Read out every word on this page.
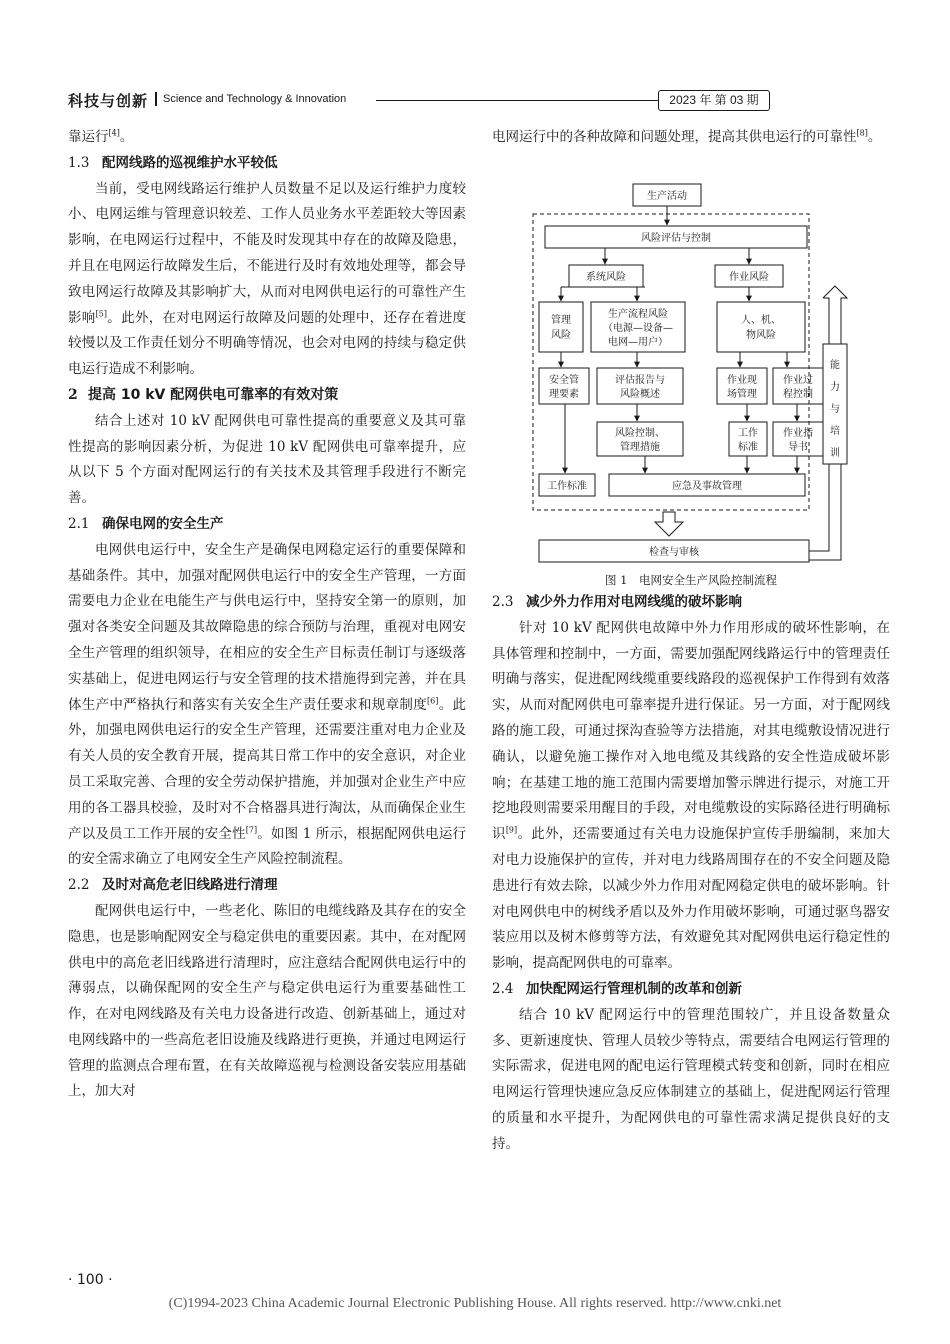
科技与创新 Science and Technology & Innovation	2023 年 第 03 期

靠运行[4]。

1.3 配网线路的巡视维护水平较低

当前，受电网线路运行维护人员数量不足以及运行维护力度较小、电网运维与管理意识较差、工作人员业务水平差距较大等因素影响，在电网运行过程中，不能及时发现其中存在的故障及隐患，并且在电网运行故障发生后，不能进行及时有效地处理等，都会导致电网运行故障及其影响扩大，从而对电网供电运行的可靠性产生影响[5]。此外，在对电网运行故障及问题的处理中，还存在着进度较慢以及工作责任划分不明确等情况，也会对电网的持续与稳定供电运行造成不利影响。

2 提高 10 kV 配网供电可靠率的有效对策

结合上述对 10 kV 配网供电可靠性提高的重要意义及其可靠性提高的影响因素分析，为促进 10 kV 配网供电可靠率提升，应从以下 5 个方面对配网运行的有关技术及其管理手段进行不断完善。

2.1 确保电网的安全生产

电网供电运行中，安全生产是确保电网稳定运行的重要保障和基础条件。其中，加强对配网供电运行中的安全生产管理，一方面需要电力企业在电能生产与供电运行中，坚持安全第一的原则，加强对各类安全问题及其故障隐患的综合预防与治理，重视对电网安全生产管理的组织领导，在相应的安全生产目标责任制订与逐级落实基础上，促进电网运行与安全管理的技术措施得到完善，并在具体生产中严格执行和落实有关安全生产责任要求和规章制度[6]。此外，加强电网供电运行的安全生产管理，还需要注重对电力企业及有关人员的安全教育开展，提高其日常工作中的安全意识，对企业员工采取完善、合理的安全劳动保护措施，并加强对企业生产中应用的各工器具校验，及时对不合格器具进行淘汰，从而确保企业生产以及员工工作开展的安全性[7]。如图 1 所示，根据配网供电运行的安全需求确立了电网安全生产风险控制流程。

2.2 及时对高危老旧线路进行清理

配网供电运行中，一些老化、陈旧的电缆线路及其存在的安全隐患，也是影响配网安全与稳定供电的重要因素。其中，在对配网供电中的高危老旧线路进行清理时，应注意结合配网供电运行中的薄弱点，以确保配网的安全生产与稳定供电运行为重要基础性工作，在对电网线路及有关电力设备进行改造、创新基础上，通过对电网线路中的一些高危老旧设施及线路进行更换，并通过电网运行管理的监测点合理布置，在有关故障巡视与检测设备安装应用基础上，加大对

电网运行中的各种故障和问题处理，提高其供电运行的可靠性[8]。

生产活动
风险评估与控制
系统风险	作业风险
管理
风险
生产流程风险
（电源—设备—
电网—用户）
人、机、
物风险
安全管
理要素
评估报告与
风险概述
作业现
场管理
作业过
程控制
风险控制、
管理措施
工作
标准
作业指
导书
工作标准	应急及事故管理
检查与审核
能
力
与
培
训
图 1　电网安全生产风险控制流程
2.3 减少外力作用对电网线缆的破坏影响

针对 10 kV 配网供电故障中外力作用形成的破坏性影响，在具体管理和控制中，一方面，需要加强配网线路运行中的管理责任明确与落实，促进配网线缆重要线路段的巡视保护工作得到有效落实，从而对配网供电可靠率提升进行保证。另一方面，对于配网线路的施工段，可通过探沟查验等方法措施，对其电缆敷设情况进行确认，以避免施工操作对入地电缆及其线路的安全性造成破坏影响；在基建工地的施工范围内需要增加警示牌进行提示，对施工开挖地段则需要采用醒目的手段，对电缆敷设的实际路径进行明确标识[9]。此外，还需要通过有关电力设施保护宣传手册编制，来加大对电力设施保护的宣传，并对电力线路周围存在的不安全问题及隐患进行有效去除，以减少外力作用对配网稳定供电的破坏影响。针对电网供电中的树线矛盾以及外力作用破坏影响，可通过驱鸟器安装应用以及树木修剪等方法，有效避免其对配网供电运行稳定性的影响，提高配网供电的可靠率。

2.4 加快配网运行管理机制的改革和创新

结合 10 kV 配网运行中的管理范围较广，并且设备数量众多、更新速度快、管理人员较少等特点，需要结合电网运行管理的实际需求，促进电网的配电运行管理模式转变和创新，同时在相应电网运行管理快速应急反应体制建立的基础上，促进配网运行管理的质量和水平提升，为配网供电的可靠性需求满足提供良好的支持。

· 100 ·
(C)1994-2023 China Academic Journal Electronic Publishing House. All rights reserved. http://www.cnki.net
